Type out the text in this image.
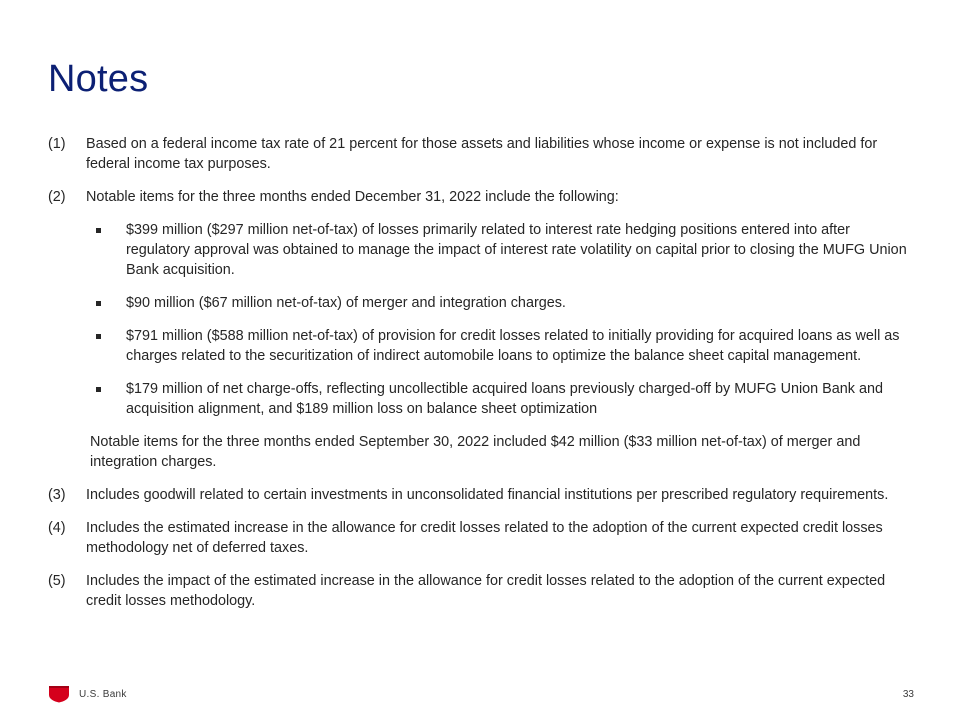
Notes
(1)	Based on a federal income tax rate of 21 percent for those assets and liabilities whose income or expense is not included for federal income tax purposes.
(2)	Notable items for the three months ended December 31, 2022 include the following:
$399 million ($297 million net-of-tax) of losses primarily related to interest rate hedging positions entered into after regulatory approval was obtained to manage the impact of interest rate volatility on capital prior to closing the MUFG Union Bank acquisition.
$90 million ($67 million net-of-tax) of merger and integration charges.
$791 million ($588 million net-of-tax) of provision for credit losses related to initially providing for acquired loans as well as charges related to the securitization of indirect automobile loans to optimize the balance sheet capital management.
$179 million of net charge-offs, reflecting uncollectible acquired loans previously charged-off by MUFG Union Bank and acquisition alignment, and $189 million loss on balance sheet optimization
Notable items for the three months ended September 30, 2022 included $42 million ($33 million net-of-tax) of merger and integration charges.
(3)	Includes goodwill related to certain investments in unconsolidated financial institutions per prescribed regulatory requirements.
(4)	Includes the estimated increase in the allowance for credit losses related to the adoption of the current expected credit losses methodology net of deferred taxes.
(5)	Includes the impact of the estimated increase in the allowance for credit losses related to the adoption of the current expected credit losses methodology.
U.S. Bank	33
